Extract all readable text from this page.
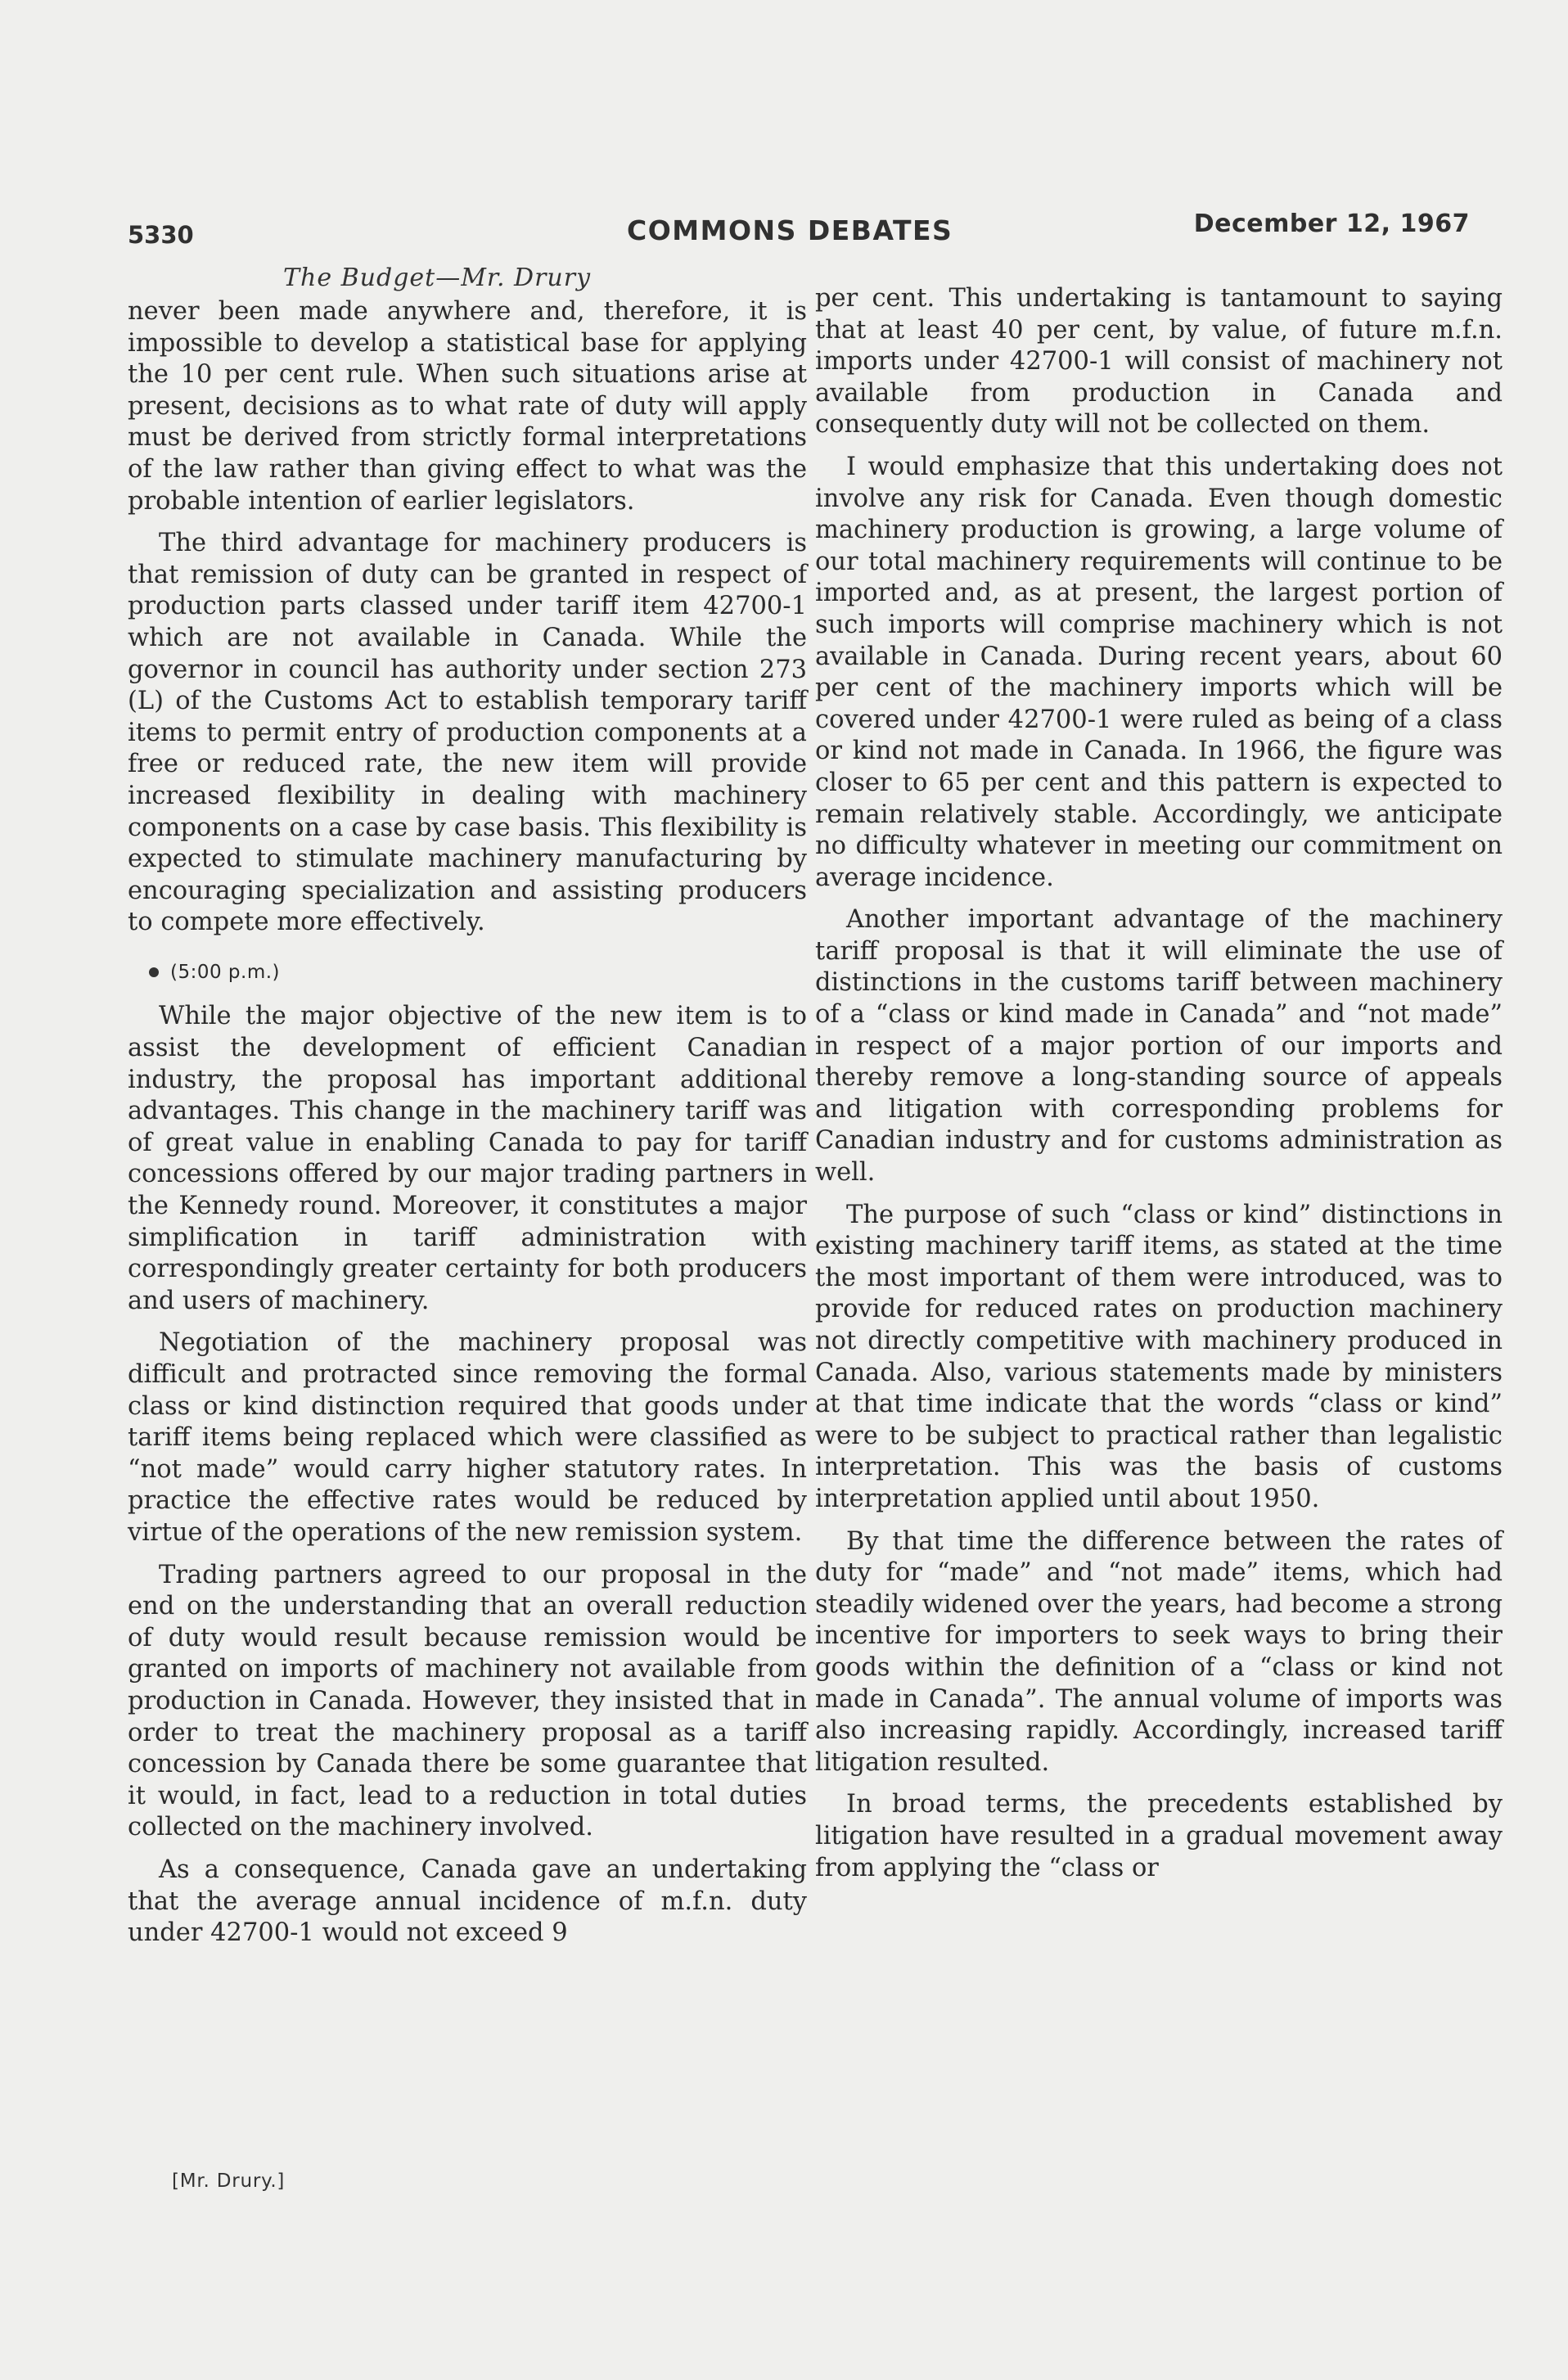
5330	COMMONS DEBATES	December 12, 1967
The Budget—Mr. Drury

never been made anywhere and, therefore, it is impossible to develop a statistical base for applying the 10 per cent rule. When such situations arise at present, decisions as to what rate of duty will apply must be derived from strictly formal interpretations of the law rather than giving effect to what was the probable intention of earlier legislators.

The third advantage for machinery producers is that remission of duty can be granted in respect of production parts classed under tariff item 42700-1 which are not available in Canada. While the governor in council has authority under section 273 (L) of the Customs Act to establish temporary tariff items to permit entry of production components at a free or reduced rate, the new item will provide increased flexibility in dealing with machinery components on a case by case basis. This flexibility is expected to stimulate machinery manufacturing by encouraging specialization and assisting producers to compete more effectively.

(5:00 p.m.)

While the major objective of the new item is to assist the development of efficient Canadian industry, the proposal has important additional advantages. This change in the machinery tariff was of great value in enabling Canada to pay for tariff concessions offered by our major trading partners in the Kennedy round. Moreover, it constitutes a major simplification in tariff administration with correspondingly greater certainty for both producers and users of machinery.

Negotiation of the machinery proposal was difficult and protracted since removing the formal class or kind distinction required that goods under tariff items being replaced which were classified as “not made” would carry higher statutory rates. In practice the effective rates would be reduced by virtue of the operations of the new remission system.

Trading partners agreed to our proposal in the end on the understanding that an overall reduction of duty would result because remission would be granted on imports of machinery not available from production in Canada. However, they insisted that in order to treat the machinery proposal as a tariff concession by Canada there be some guarantee that it would, in fact, lead to a reduction in total duties collected on the machinery involved.

As a consequence, Canada gave an undertaking that the average annual incidence of m.f.n. duty under 42700-1 would not exceed 9

per cent. This undertaking is tantamount to saying that at least 40 per cent, by value, of future m.f.n. imports under 42700-1 will consist of machinery not available from production in Canada and consequently duty will not be collected on them.

I would emphasize that this undertaking does not involve any risk for Canada. Even though domestic machinery production is growing, a large volume of our total machinery requirements will continue to be imported and, as at present, the largest portion of such imports will comprise machinery which is not available in Canada. During recent years, about 60 per cent of the machinery imports which will be covered under 42700-1 were ruled as being of a class or kind not made in Canada. In 1966, the figure was closer to 65 per cent and this pattern is expected to remain relatively stable. Accordingly, we anticipate no difficulty whatever in meeting our commitment on average incidence.

Another important advantage of the machinery tariff proposal is that it will eliminate the use of distinctions in the customs tariff between machinery of a “class or kind made in Canada” and “not made” in respect of a major portion of our imports and thereby remove a long-standing source of appeals and litigation with corresponding problems for Canadian industry and for customs administration as well.

The purpose of such “class or kind” distinctions in existing machinery tariff items, as stated at the time the most important of them were introduced, was to provide for reduced rates on production machinery not directly competitive with machinery produced in Canada. Also, various statements made by ministers at that time indicate that the words “class or kind” were to be subject to practical rather than legalistic interpretation. This was the basis of customs interpretation applied until about 1950.

By that time the difference between the rates of duty for “made” and “not made” items, which had steadily widened over the years, had become a strong incentive for importers to seek ways to bring their goods within the definition of a “class or kind not made in Canada”. The annual volume of imports was also increasing rapidly. Accordingly, increased tariff litigation resulted.

In broad terms, the precedents established by litigation have resulted in a gradual movement away from applying the “class or

[Mr. Drury.]
